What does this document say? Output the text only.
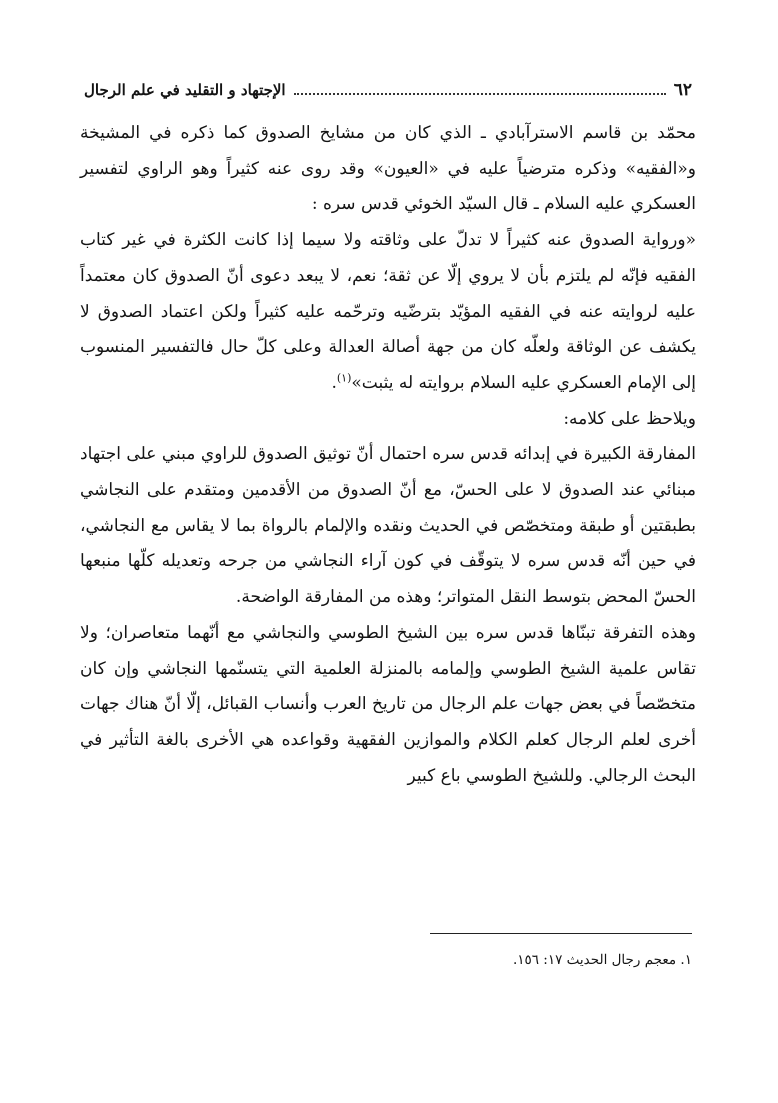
٦٢
الإجتهاد و التقليد في علم الرجال

محمّد بن قاسم الاسترآبادي ـ الذي كان من مشايخ الصدوق كما ذكره في المشيخة و«الفقيه» وذكره مترضياً عليه في «العيون» وقد روى عنه كثيراً وهو الراوي لتفسير العسكري عليه السلام ـ قال السيّد الخوئي قدس سره :

«ورواية الصدوق عنه كثيراً لا تدلّ على وثاقته ولا سيما إذا كانت الكثرة في غير كتاب الفقيه فإنّه لم يلتزم بأن لا يروي إلّا عن ثقة؛ نعم، لا يبعد دعوى أنّ الصدوق كان معتمداً عليه لروايته عنه في الفقيه المؤيّد بترضّيه وترحّمه عليه كثيراً ولكن اعتماد الصدوق لا يكشف عن الوثاقة ولعلّه كان من جهة أصالة العدالة وعلى كلّ حال فالتفسير المنسوب إلى الإمام العسكري عليه السلام بروايته له يثبت»$^{(١)}$.

ويلاحظ على كلامه:

المفارقة الكبيرة في إبدائه قدس سره احتمال أنّ توثيق الصدوق للراوي مبني على اجتهاد مبنائي عند الصدوق لا على الحسّ، مع أنّ الصدوق من الأقدمين ومتقدم على النجاشي بطبقتين أو طبقة ومتخصّص في الحديث ونقده والإلمام بالرواة بما لا يقاس مع النجاشي، في حين أنّه قدس سره لا يتوقّف في كون آراء النجاشي من جرحه وتعديله كلّها منبعها الحسّ المحض بتوسط النقل المتواتر؛ وهذه من المفارقة الواضحة.

وهذه التفرقة تبنّاها قدس سره بين الشيخ الطوسي والنجاشي مع أنّهما متعاصران؛ ولا تقاس علمية الشيخ الطوسي وإلمامه بالمنزلة العلمية التي يتسنّمها النجاشي وإن كان متخصّصاً في بعض جهات علم الرجال من تاريخ العرب وأنساب القبائل، إلّا أنّ هناك جهات أخرى لعلم الرجال كعلم الكلام والموازين الفقهية وقواعده هي الأخرى بالغة التأثير في البحث الرجالي. وللشيخ الطوسي باع كبير

١. معجم رجال الحديث ١٧: ١٥٦.
